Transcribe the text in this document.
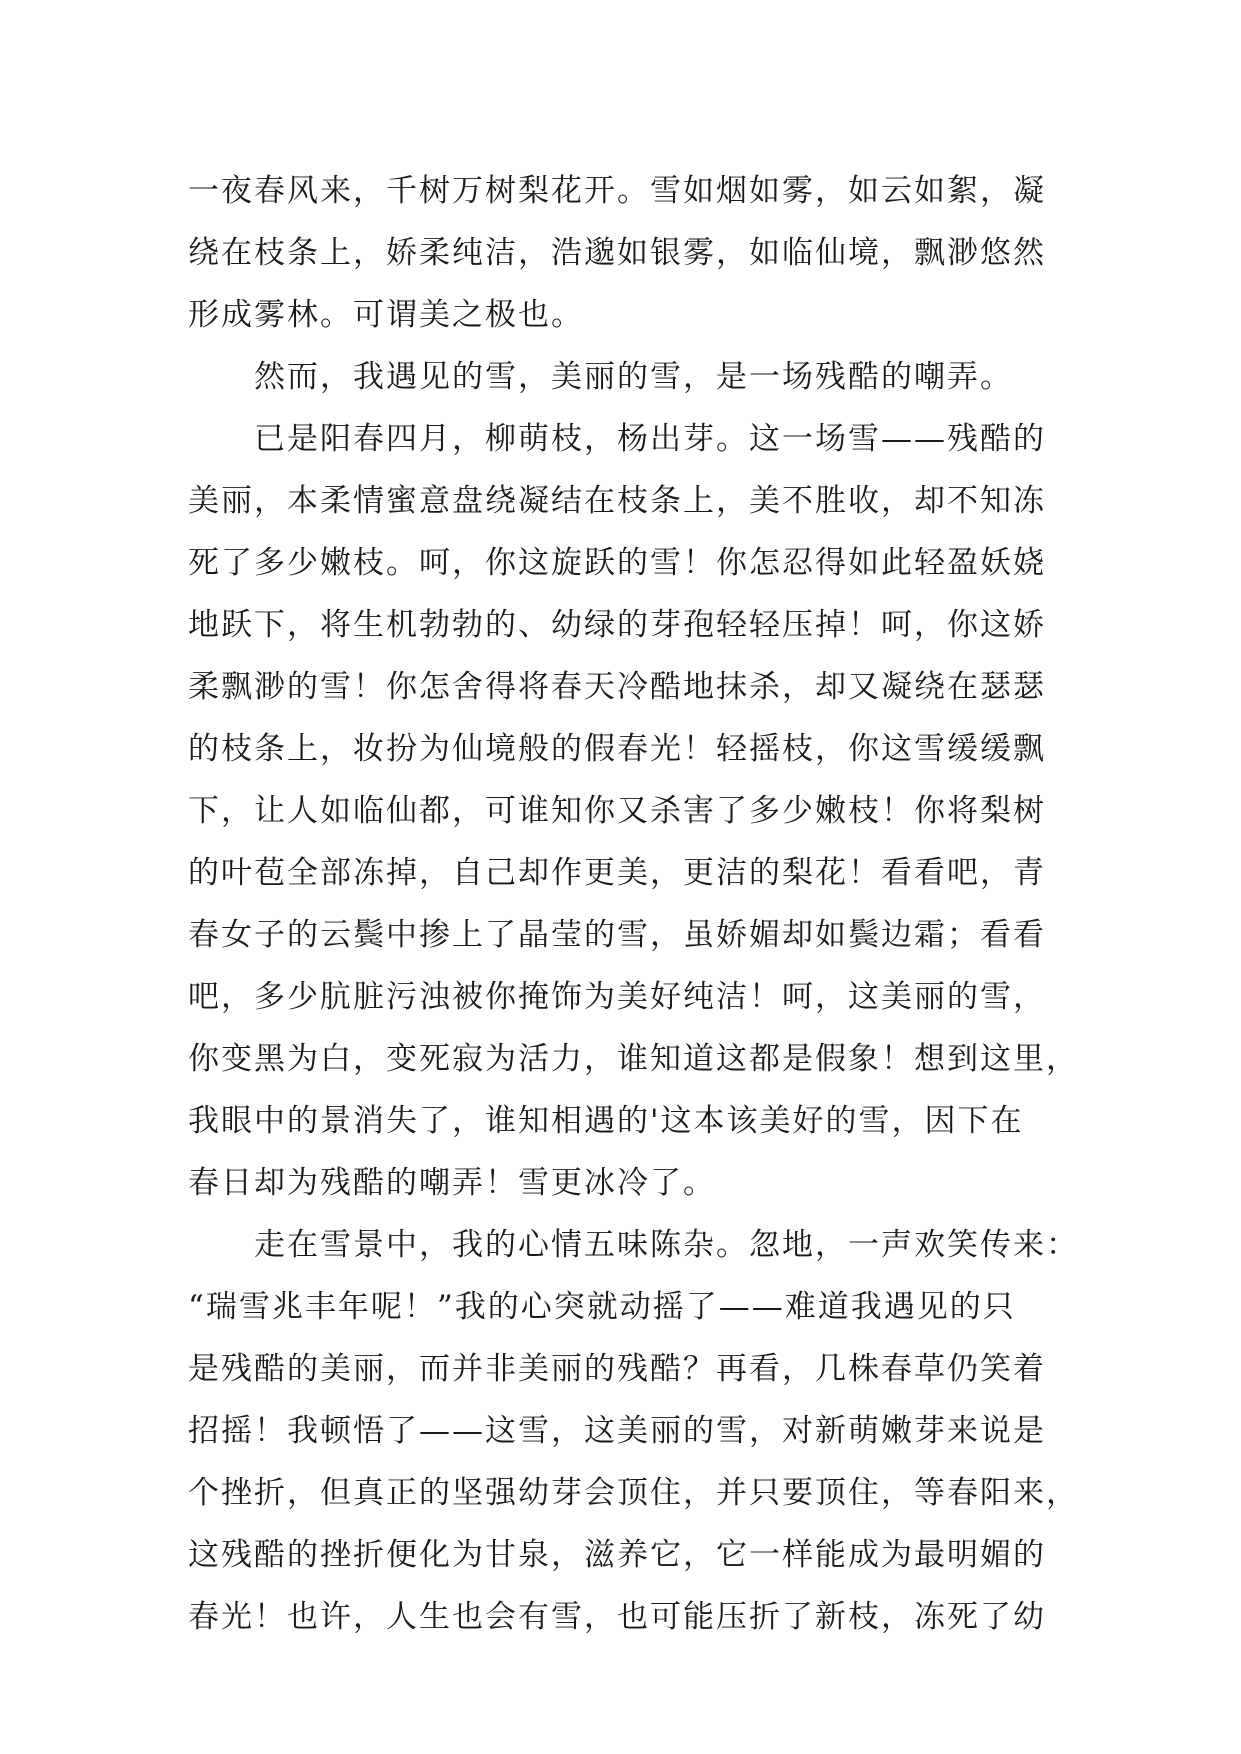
一夜春风来，千树万树梨花开。雪如烟如雾，如云如絮，凝
绕在枝条上，娇柔纯洁，浩邈如银雾，如临仙境，飘渺悠然
形成雾林。可谓美之极也。
然而，我遇见的雪，美丽的雪，是一场残酷的嘲弄。
已是阳春四月，柳萌枝，杨出芽。这一场雪——残酷的
美丽，本柔情蜜意盘绕凝结在枝条上，美不胜收，却不知冻
死了多少嫩枝。呵，你这旋跃的雪！你怎忍得如此轻盈妖娆
地跃下，将生机勃勃的、幼绿的芽孢轻轻压掉！呵，你这娇
柔飘渺的雪！你怎舍得将春天冷酷地抹杀，却又凝绕在瑟瑟
的枝条上，妆扮为仙境般的假春光！轻摇枝，你这雪缓缓飘
下，让人如临仙都，可谁知你又杀害了多少嫩枝！你将梨树
的叶苞全部冻掉，自己却作更美，更洁的梨花！看看吧，青
春女子的云鬓中掺上了晶莹的雪，虽娇媚却如鬓边霜；看看
吧，多少肮脏污浊被你掩饰为美好纯洁！呵，这美丽的雪，
你变黑为白，变死寂为活力，谁知道这都是假象！想到这里，
我眼中的景消失了，谁知相遇的'这本该美好的雪，因下在
春日却为残酷的嘲弄！雪更冰冷了。
走在雪景中，我的心情五味陈杂。忽地，一声欢笑传来：
“瑞雪兆丰年呢！”我的心突就动摇了——难道我遇见的只
是残酷的美丽，而并非美丽的残酷？再看，几株春草仍笑着
招摇！我顿悟了——这雪，这美丽的雪，对新萌嫩芽来说是
个挫折，但真正的坚强幼芽会顶住，并只要顶住，等春阳来，
这残酷的挫折便化为甘泉，滋养它，它一样能成为最明媚的
春光！也许，人生也会有雪，也可能压折了新枝，冻死了幼
